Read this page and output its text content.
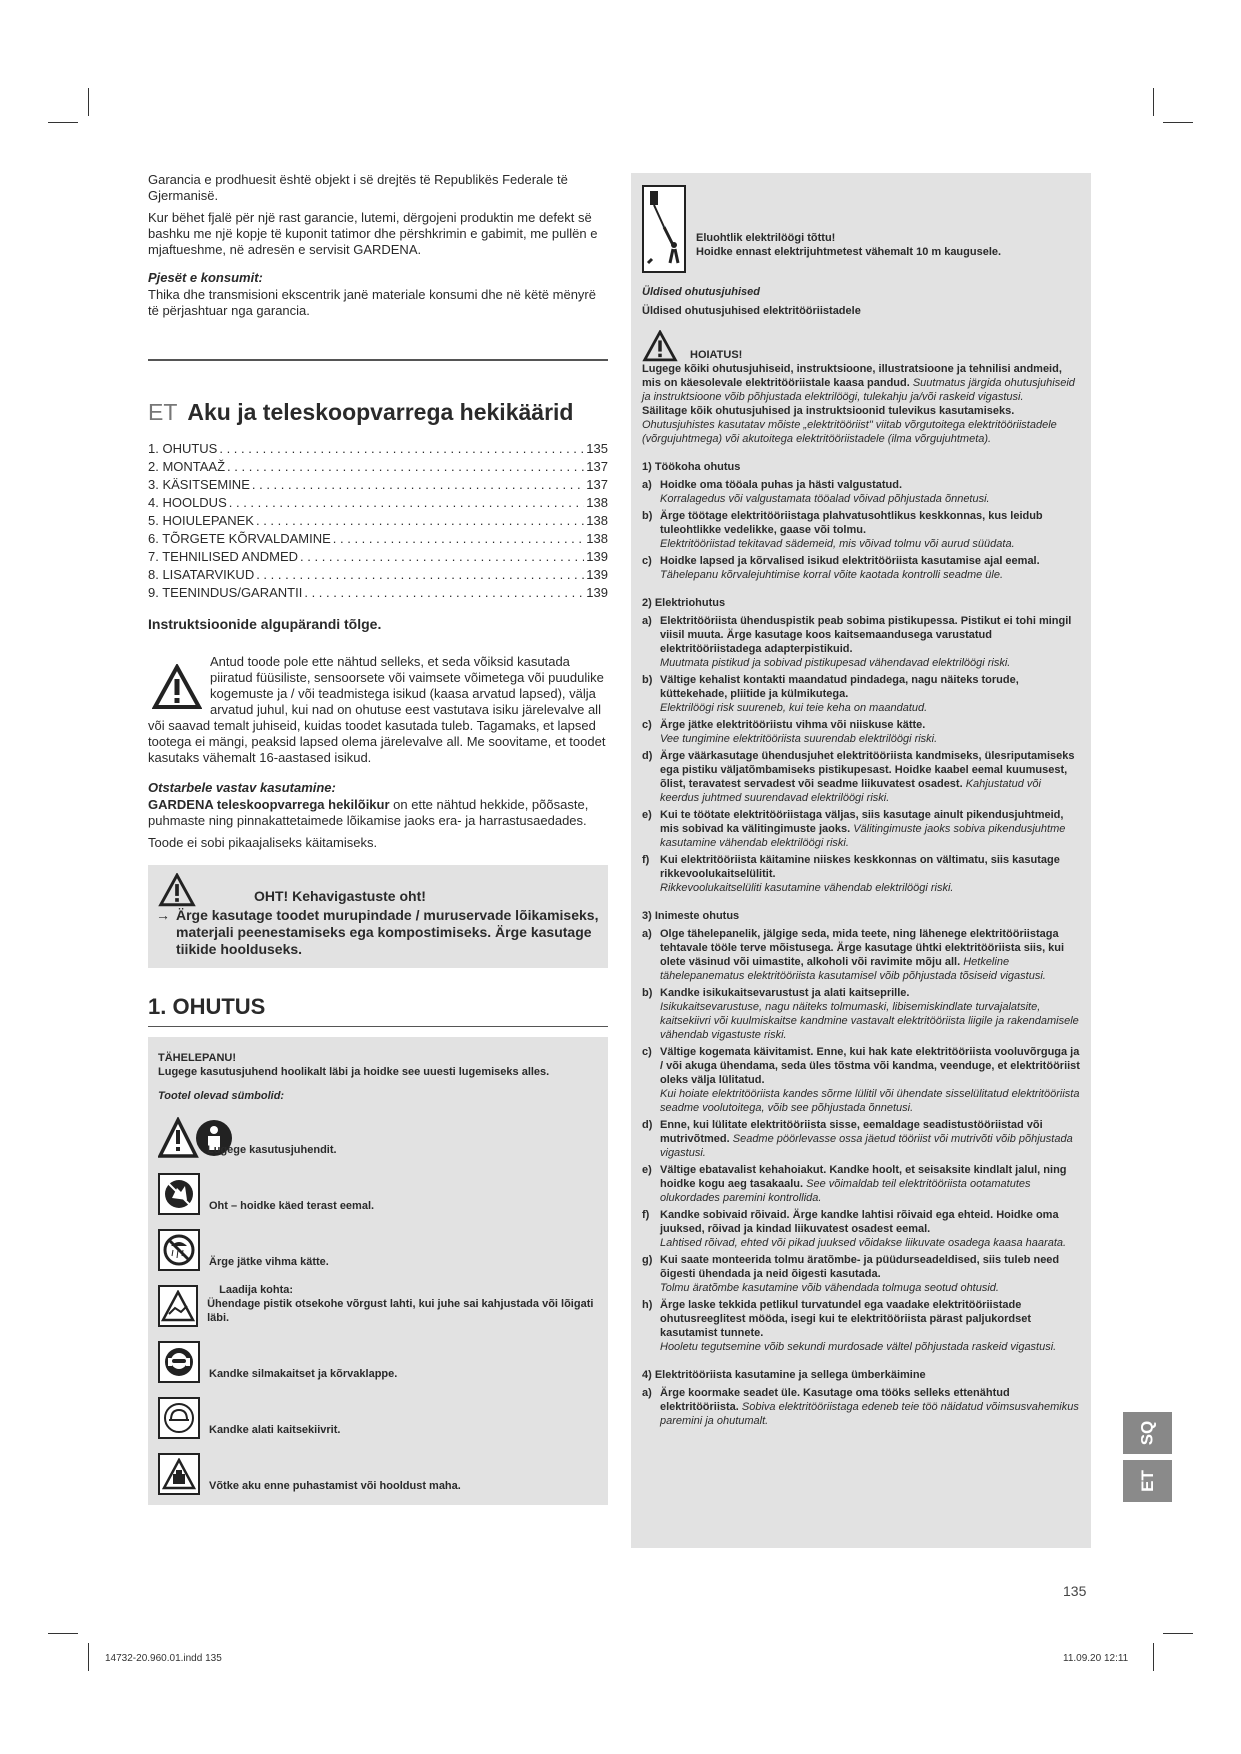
Garancia e prodhuesit është objekt i së drejtës të Republikës Federale të Gjermanisë.

Kur bëhet fjalë për një rast garancie, lutemi, dërgojeni produktin me defekt së bashku me një kopje të kuponit tatimor dhe përshkrimin e gabimit, me pullën e mjaftueshme, në adresën e servisit GARDENA.

Pjesët e konsumit:

Thika dhe transmisioni ekscentrik janë materiale konsumi dhe në këtë mënyrë të përjashtuar nga garancia.

ET Aku ja teleskoopvarrega hekikäärid
1. OHUTUS . . .	135
2. MONTAAŽ . . .	137
3. KÄSITSEMINE . . .	137
4. HOOLDUS . . .	138
5. HOIULEPANEK . . .	138
6. TÕRGETE KÕRVALDAMINE . . .	138
7. TEHNILISED ANDMED . . .	139
8. LISATARVIKUD . . .	139
9. TEENINDUS/GARANTII . . .	139

Instruktsioonide algupärandi tõlge.

Antud toode pole ette nähtud selleks, et seda võiksid kasutada piiratud füüsiliste, sensoorsete või vaimsete võimetega või puudulike kogemuste ja / või teadmistega isikud (kaasa arvatud lapsed), välja arvatud juhul, kui nad on ohutuse eest vastutava isiku järelevalve all või saavad temalt juhiseid, kuidas toodet kasutada tuleb. Tagamaks, et lapsed tootega ei mängi, peaksid lapsed olema järelevalve all. Me soovitame, et toodet kasutaks vähemalt 16-aastased isikud.

Otstarbele vastav kasutamine:

GARDENA teleskoopvarrega hekilõikur on ette nähtud hekkide, põõsaste, puhmaste ning pinnakattetaimede lõikamise jaoks era- ja harrastusaedades.

Toode ei sobi pikaajaliseks käitamiseks.

OHT! Kehavigastuste oht!
→ Ärge kasutage toodet murupindade / muruservade lõikamiseks, materjali peenestamiseks ega kompostimiseks. Ärge kasutage tiikide hoolduseks.
1. OHUTUS
TÄHELEPANU!
Lugege kasutusjuhend hoolikalt läbi ja hoidke see uuesti lugemiseks alles.
Tootel olevad sümbolid:
Lugege kasutusjuhendit.
Oht – hoidke käed terast eemal.
Ärge jätke vihma kätte.
Laadija kohta:
Ühendage pistik otsekohe võrgust lahti, kui juhe sai kahjustada või lõigati läbi.
Kandke silmakaitset ja kõrvaklappe.
Kandke alati kaitsekiivrit.
Võtke aku enne puhastamist või hooldust maha.
Eluohtlik elektrilöögi tõttu!
Hoidke ennast elektrijuhtmetest vähemalt 10 m kaugusele.
Üldised ohutusjuhised
Üldised ohutusjuhised elektritööriistadele
HOIATUS!
Lugege kõiki ohutusjuhiseid, instruktsioone, illustratsioone ja tehnilisi andmeid, mis on käesolevale elektritööriistale kaasa pandud. Suutmatus järgida ohutusjuhiseid ja instruktsioone võib põhjustada elektrilöögi, tulekahju ja/või raskeid vigastusi.
Säilitage kõik ohutusjuhised ja instruktsioonid tulevikus kasutamiseks.
Ohutusjuhistes kasutatav mõiste „elektritööriist" viitab võrgutoitega elektritööriistadele (võrgujuhtmega) või akutoitega elektritööriistadele (ilma võrgujuhtmeta).
1) Töökoha ohutus
a) Hoidke oma tööala puhas ja hästi valgustatud.
Korralagedus või valgustamata tööalad võivad põhjustada õnnetusi.
b) Ärge töötage elektritööriistaga plahvatusohtlikus keskkonnas, kus leidub tuleohtlikke vedelikke, gaase või tolmu.
Elektritööriistad tekitavad sädemeid, mis võivad tolmu või aurud süüdata.
c) Hoidke lapsed ja kõrvalised isikud elektritööriista kasutamise ajal eemal. Tähelepanu kõrvalejuhtimise korral võite kaotada kontrolli seadme üle.
2) Elektriohutus
a) Elektritööriista ühenduspistik peab sobima pistikupessa. Pistikut ei tohi mingil viisil muuta. Ärge kasutage koos kaitsemaandusega varustatud elektritööriistadega adapterpistikuid.
Muutmata pistikud ja sobivad pistikupesad vähendavad elektrilöögi riski.
b) Vältige kehalist kontakti maandatud pindadega, nagu näiteks torude, küttekehade, pliitide ja külmikutega.
Elektrilöögi risk suureneb, kui teie keha on maandatud.
c) Ärge jätke elektritööriistu vihma või niiskuse kätte.
Vee tungimine elektritööriista suurendab elektrilöögi riski.
d) Ärge väärkasutage ühendusjuhet elektritööriista kandmiseks, ülesriputamiseks ega pistiku väljatõmbamiseks pistikupesast. Hoidke kaabel eemal kuumusest, õlist, teravatest servadest või seadme liikuvatest osadest. Kahjustatud või keerdus juhtmed suurendavad elektrilöögi riski.
e) Kui te töötate elektritööriistaga väljas, siis kasutage ainult pikendusjuhtmeid, mis sobivad ka välitingimuste jaoks. Välitingimuste jaoks sobiva pikendusjuhtme kasutamine vähendab elektrilöögi riski.
f) Kui elektritööriista käitamine niiskes keskkonnas on vältimatu, siis kasutage rikkevoolukaitselülitit.
Rikkevoolukaitselüliti kasutamine vähendab elektrilöögi riski.
3) Inimeste ohutus
a) Olge tähelepanelik, jälgige seda, mida teete, ning lähenege elektritööriistaga tehtavale tööle terve mõistusega. Ärge kasutage ühtki elektritööriista siis, kui olete väsinud või uimastite, alkoholi või ravimite mõju all. Hetkeline tähelepanematus elektritööriista kasutamisel võib põhjustada tõsiseid vigastusi.
b) Kandke isikukaitsevarustust ja alati kaitseprille.
Isikukaitsevarustuse, nagu näiteks tolmumaski, libisemiskindlate turvajalatsite, kaitsekiivri või kuulmiskaitse kandmine vastavalt elektritööriista liigile ja rakendamisele vähendab vigastuste riski.
c) Vältige kogemata käivitamist. Enne, kui hak kate elektritööriista vooluvõrguga ja / või akuga ühendama, seda üles tõstma või kandma, veenduge, et elektritööriist oleks välja lülitatud.
Kui hoiate elektritööriista kandes sõrme lülitil või ühendate sisselülitatud elektritööriista seadme voolutoitega, võib see põhjustada õnnetusi.
d) Enne, kui lülitate elektritööriista sisse, eemaldage seadistustööriistad või mutrivõtmed. Seadme pöörlevasse ossa jäetud tööriist või mutrivõti võib põhjustada vigastusi.
e) Vältige ebatavalist kehahoiakut. Kandke hoolt, et seisaksite kindlalt jalul, ning hoidke kogu aeg tasakaalu. See võimaldab teil elektritööriista ootamatutes olukordades paremini kontrollida.
f) Kandke sobivaid rõivaid. Ärge kandke lahtisi rõivaid ega ehteid. Hoidke oma juuksed, rõivad ja kindad liikuvatest osadest eemal.
Lahtised rõivad, ehted või pikad juuksed võidakse liikuvate osadega kaasa haarata.
g) Kui saate monteerida tolmu äratõmbe- ja püüdurseadeldised, siis tuleb need õigesti ühendada ja neid õigesti kasutada.
Tolmu äratõmbe kasutamine võib vähendada tolmuga seotud ohtusid.
h) Ärge laske tekkida petlikul turvatundel ega vaadake elektritööriistade ohutusreeglitest mööda, isegi kui te elektritööriista pärast paljukordset kasutamist tunnete.
Hooletu tegutsemine võib sekundi murdosade vältel põhjustada raskeid vigastusi.
4) Elektritööriista kasutamine ja sellega ümberkäimine
a) Ärge koormake seadet üle. Kasutage oma tööks selleks ettenähtud elektritööriista. Sobiva elektritööriistaga edeneb teie töö näidatud võimsusvahemikus paremini ja ohutumalt.	SQ
ET
135
14732-20.960.01.indd 135	11.09.20 12:11
